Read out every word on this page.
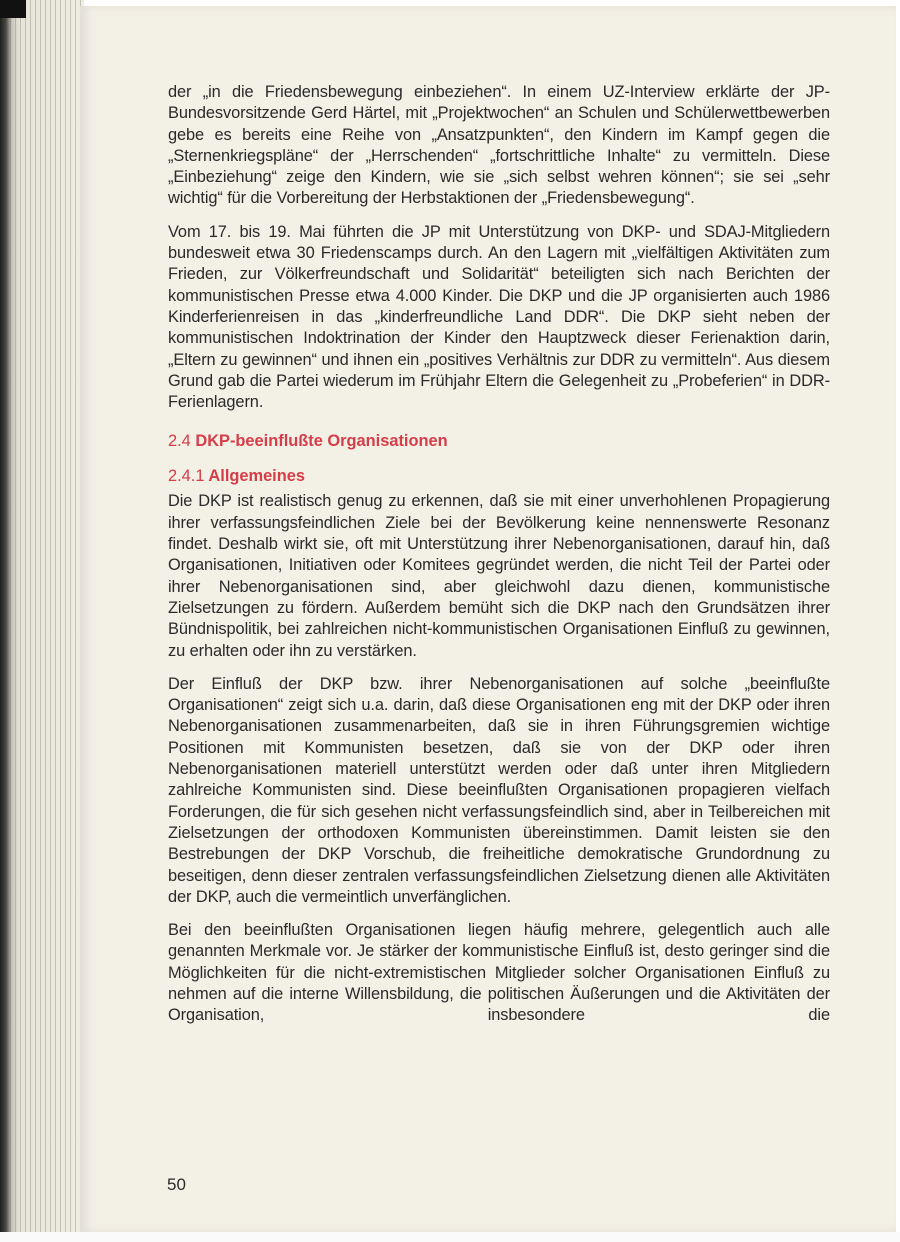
der „in die Friedensbewegung einbeziehen“. In einem UZ-Interview erklärte der JP-Bundesvorsitzende Gerd Härtel, mit „Projektwochen“ an Schulen und Schülerwettbewerben gebe es bereits eine Reihe von „Ansatzpunkten“, den Kindern im Kampf gegen die „Sternenkriegspläne“ der „Herrschenden“ „fortschrittliche Inhalte“ zu vermitteln. Diese „Einbeziehung“ zeige den Kindern, wie sie „sich selbst wehren können“; sie sei „sehr wichtig“ für die Vorbereitung der Herbstaktionen der „Friedensbewegung“.

Vom 17. bis 19. Mai führten die JP mit Unterstützung von DKP- und SDAJ-Mitgliedern bundesweit etwa 30 Friedenscamps durch. An den Lagern mit „vielfältigen Aktivitäten zum Frieden, zur Völkerfreundschaft und Solidarität“ beteiligten sich nach Berichten der kommunistischen Presse etwa 4.000 Kinder. Die DKP und die JP organisierten auch 1986 Kinderferienreisen in das „kinderfreundliche Land DDR“. Die DKP sieht neben der kommunistischen Indoktrination der Kinder den Hauptzweck dieser Ferienaktion darin, „Eltern zu gewinnen“ und ihnen ein „positives Verhältnis zur DDR zu vermitteln“. Aus diesem Grund gab die Partei wiederum im Frühjahr Eltern die Gelegenheit zu „Probeferien“ in DDR-Ferienlagern.

2.4 DKP-beeinflußte Organisationen
2.4.1 Allgemeines

Die DKP ist realistisch genug zu erkennen, daß sie mit einer unverhohlenen Propagierung ihrer verfassungsfeindlichen Ziele bei der Bevölkerung keine nennenswerte Resonanz findet. Deshalb wirkt sie, oft mit Unterstützung ihrer Nebenorganisationen, darauf hin, daß Organisationen, Initiativen oder Komitees gegründet werden, die nicht Teil der Partei oder ihrer Nebenorganisationen sind, aber gleichwohl dazu dienen, kommunistische Zielsetzungen zu fördern. Außerdem bemüht sich die DKP nach den Grundsätzen ihrer Bündnispolitik, bei zahlreichen nicht-kommunistischen Organisationen Einfluß zu gewinnen, zu erhalten oder ihn zu verstärken.

Der Einfluß der DKP bzw. ihrer Nebenorganisationen auf solche „beeinflußte Organisationen“ zeigt sich u.a. darin, daß diese Organisationen eng mit der DKP oder ihren Nebenorganisationen zusammenarbeiten, daß sie in ihren Führungsgremien wichtige Positionen mit Kommunisten besetzen, daß sie von der DKP oder ihren Nebenorganisationen materiell unterstützt werden oder daß unter ihren Mitgliedern zahlreiche Kommunisten sind. Diese beeinflußten Organisationen propagieren vielfach Forderungen, die für sich gesehen nicht verfassungsfeindlich sind, aber in Teilbereichen mit Zielsetzungen der orthodoxen Kommunisten übereinstimmen. Damit leisten sie den Bestrebungen der DKP Vorschub, die freiheitliche demokratische Grundordnung zu beseitigen, denn dieser zentralen verfassungsfeindlichen Zielsetzung dienen alle Aktivitäten der DKP, auch die vermeintlich unverfänglichen.

Bei den beeinflußten Organisationen liegen häufig mehrere, gelegentlich auch alle genannten Merkmale vor. Je stärker der kommunistische Einfluß ist, desto geringer sind die Möglichkeiten für die nicht-extremistischen Mitglieder solcher Organisationen Einfluß zu nehmen auf die interne Willensbildung, die politischen Äußerungen und die Aktivitäten der Organisation, insbesondere die

50
